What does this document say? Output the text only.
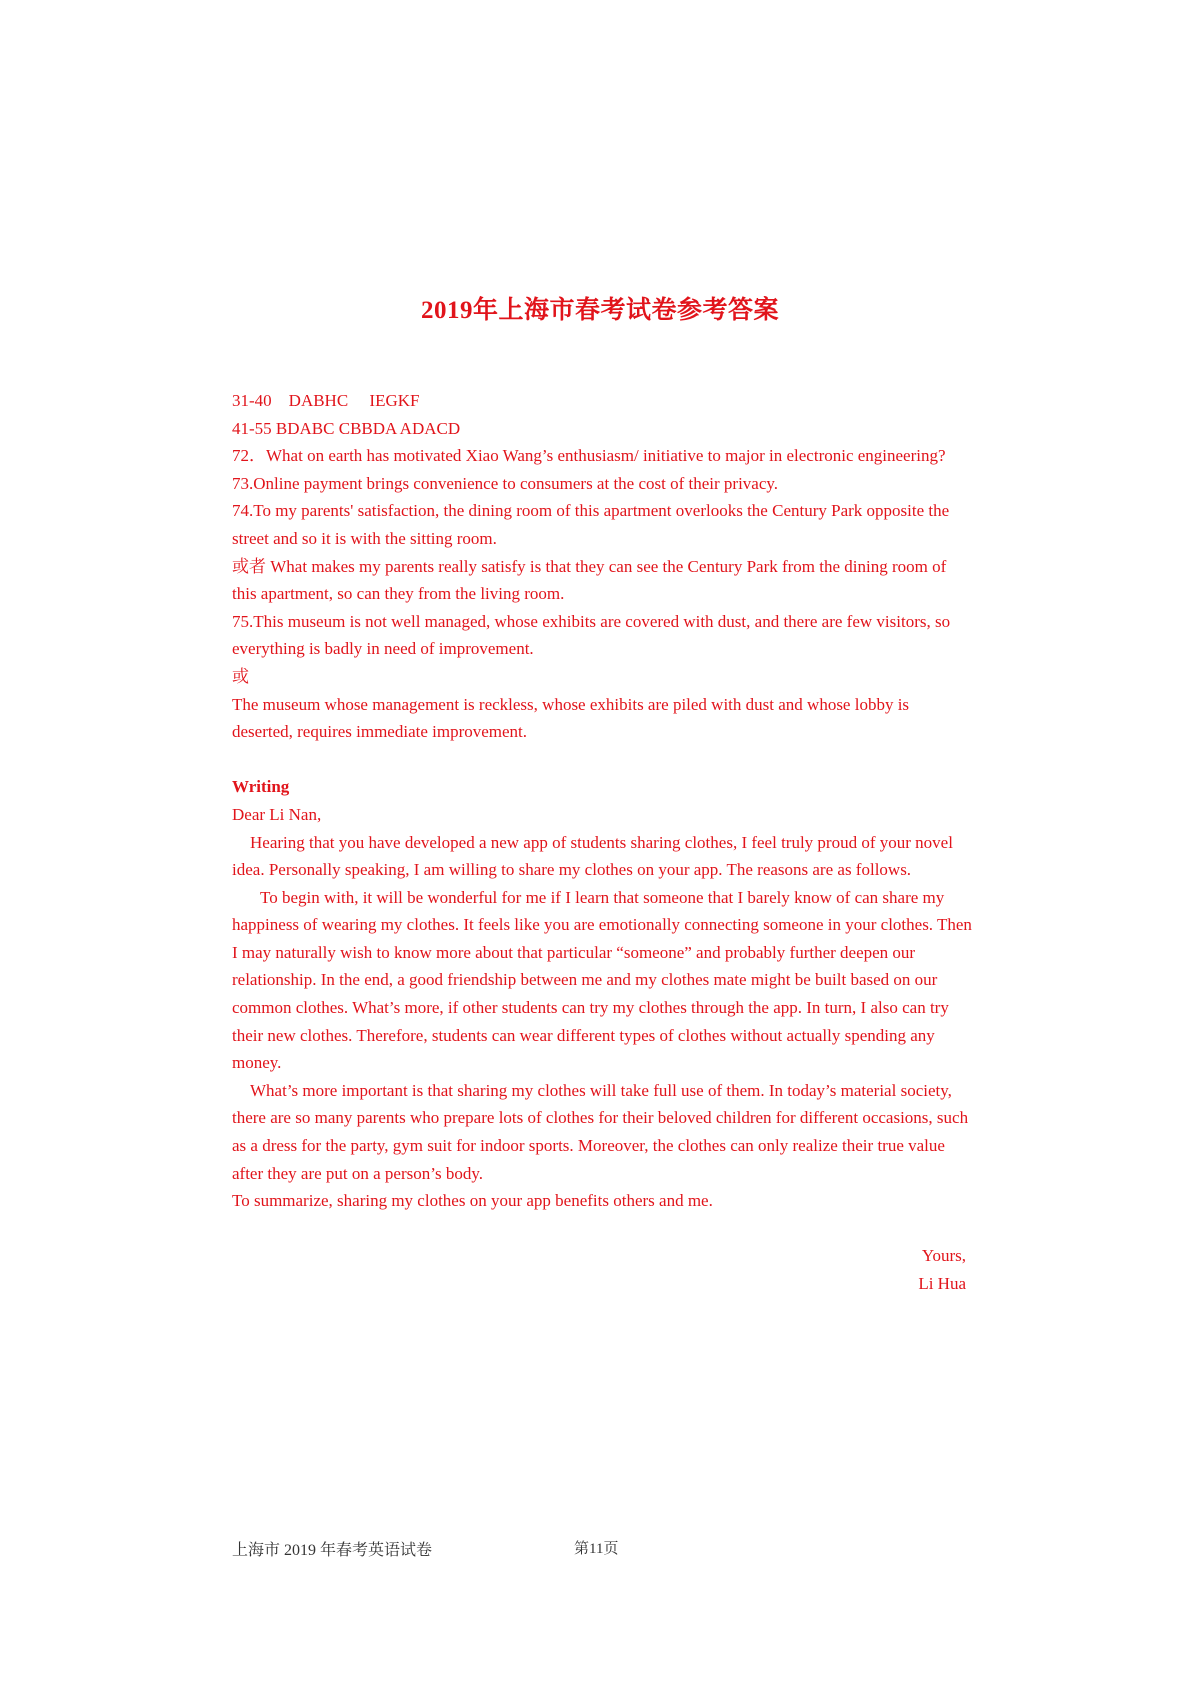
2019年上海市春考试卷参考答案

31-40　DABHC　 IEGKF

41-55 BDABC CBBDA ADACD

72．What on earth has motivated Xiao Wang’s enthusiasm/ initiative to major in electronic engineering?

73.Online payment brings convenience to consumers at the cost of their privacy.

74.To my parents' satisfaction, the dining room of this apartment overlooks the Century Park opposite the street and so it is with the sitting room.

或者 What makes my parents really satisfy is that they can see the Century Park from the dining room of this apartment, so can they from the living room.

75.This museum is not well managed, whose exhibits are covered with dust, and there are few visitors, so everything is badly in need of improvement.

或

The museum whose management is reckless, whose exhibits are piled with dust and whose lobby is deserted, requires immediate improvement.

Writing

Dear Li Nan,

Hearing that you have developed a new app of students sharing clothes, I feel truly proud of your novel idea. Personally speaking, I am willing to share my clothes on your app. The reasons are as follows.

To begin with, it will be wonderful for me if I learn that someone that I barely know of can share my happiness of wearing my clothes. It feels like you are emotionally connecting someone in your clothes. Then I may naturally wish to know more about that particular “someone” and probably further deepen our relationship. In the end, a good friendship between me and my clothes mate might be built based on our common clothes. What’s more, if other students can try my clothes through the app. In turn, I also can try their new clothes. Therefore, students can wear different types of clothes without actually spending any money.

What’s more important is that sharing my clothes will take full use of them. In today’s material society, there are so many parents who prepare lots of clothes for their beloved children for different occasions, such as a dress for the party, gym suit for indoor sports. Moreover, the clothes can only realize their true value after they are put on a person’s body.

To summarize, sharing my clothes on your app benefits others and me.

Yours,

Li Hua

上海市 2019 年春考英语试卷	第11页
